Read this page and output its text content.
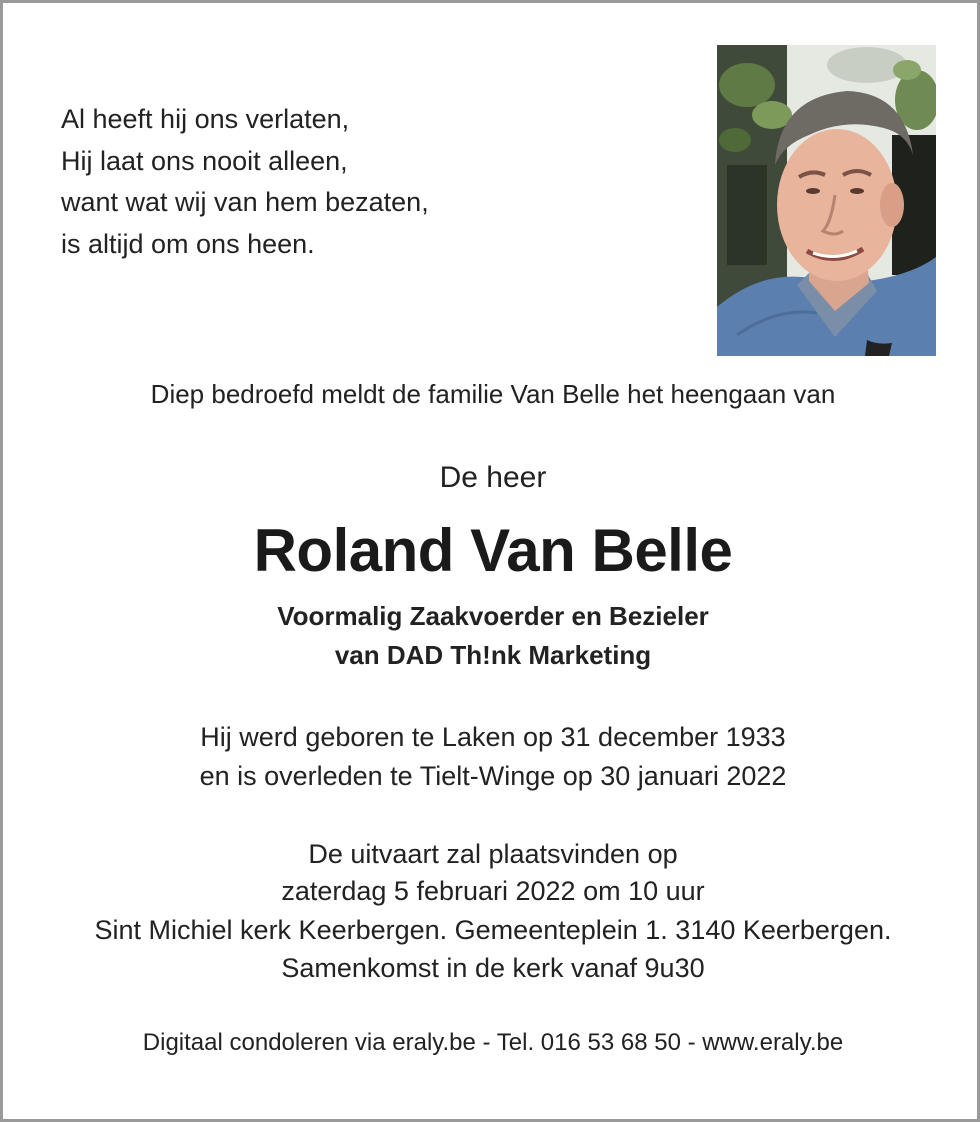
Al heeft hij ons verlaten,
Hij laat ons nooit alleen,
want wat wij van hem bezaten,
is altijd om ons heen.
Diep bedroefd meldt de familie Van Belle het heengaan van
De heer
Roland Van Belle
Voormalig Zaakvoerder en Bezieler
van DAD Th!nk Marketing
Hij werd geboren te Laken op 31 december 1933
en is overleden te Tielt-Winge op 30 januari 2022
De uitvaart zal plaatsvinden op
zaterdag 5 februari 2022 om 10 uur
Sint Michiel kerk Keerbergen. Gemeenteplein 1. 3140 Keerbergen.
Samenkomst in de kerk vanaf 9u30
Digitaal condoleren via eraly.be - Tel. 016 53 68 50 - www.eraly.be
